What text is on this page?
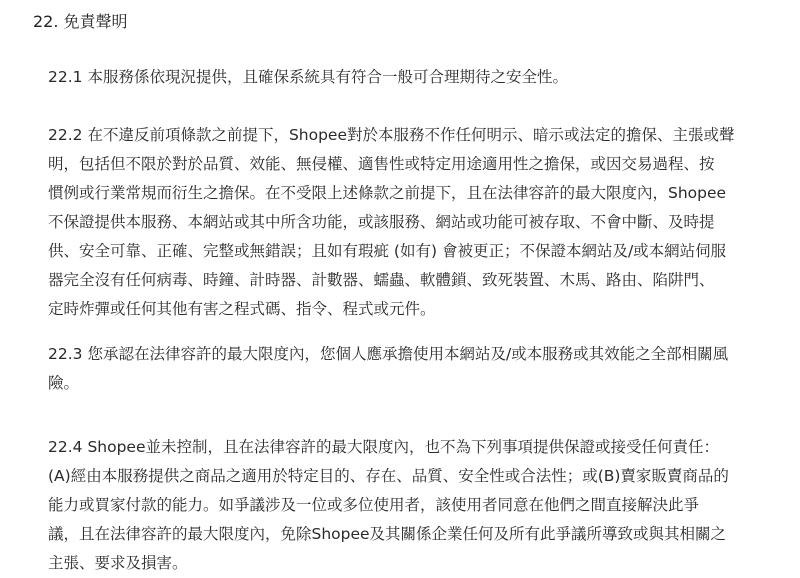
22. 免責聲明

22.1 本服務係依現況提供，且確保系統具有符合一般可合理期待之安全性。

22.2 在不違反前項條款之前提下，Shopee對於本服務不作任何明示、暗示或法定的擔保、主張或聲
明，包括但不限於對於品質、效能、無侵權、適售性或特定用途適用性之擔保，或因交易過程、按
慣例或行業常規而衍生之擔保。在不受限上述條款之前提下，且在法律容許的最大限度內，Shopee
不保證提供本服務、本網站或其中所含功能，或該服務、網站或功能可被存取、不會中斷、及時提
供、安全可靠、正確、完整或無錯誤；且如有瑕疵 (如有) 會被更正；不保證本網站及/或本網站伺服
器完全沒有任何病毒、時鐘、計時器、計數器、蠕蟲、軟體鎖、致死裝置、木馬、路由、陷阱門、
定時炸彈或任何其他有害之程式碼、指令、程式或元件。

22.3 您承認在法律容許的最大限度內，您個人應承擔使用本網站及/或本服務或其效能之全部相關風
險。

22.4 Shopee並未控制，且在法律容許的最大限度內，也不為下列事項提供保證或接受任何責任：
(A)經由本服務提供之商品之適用於特定目的、存在、品質、安全性或合法性；或(B)賣家販賣商品的
能力或買家付款的能力。如爭議涉及一位或多位使用者，該使用者同意在他們之間直接解決此爭
議，且在法律容許的最大限度內，免除Shopee及其關係企業任何及所有此爭議所導致或與其相關之
主張、要求及損害。
